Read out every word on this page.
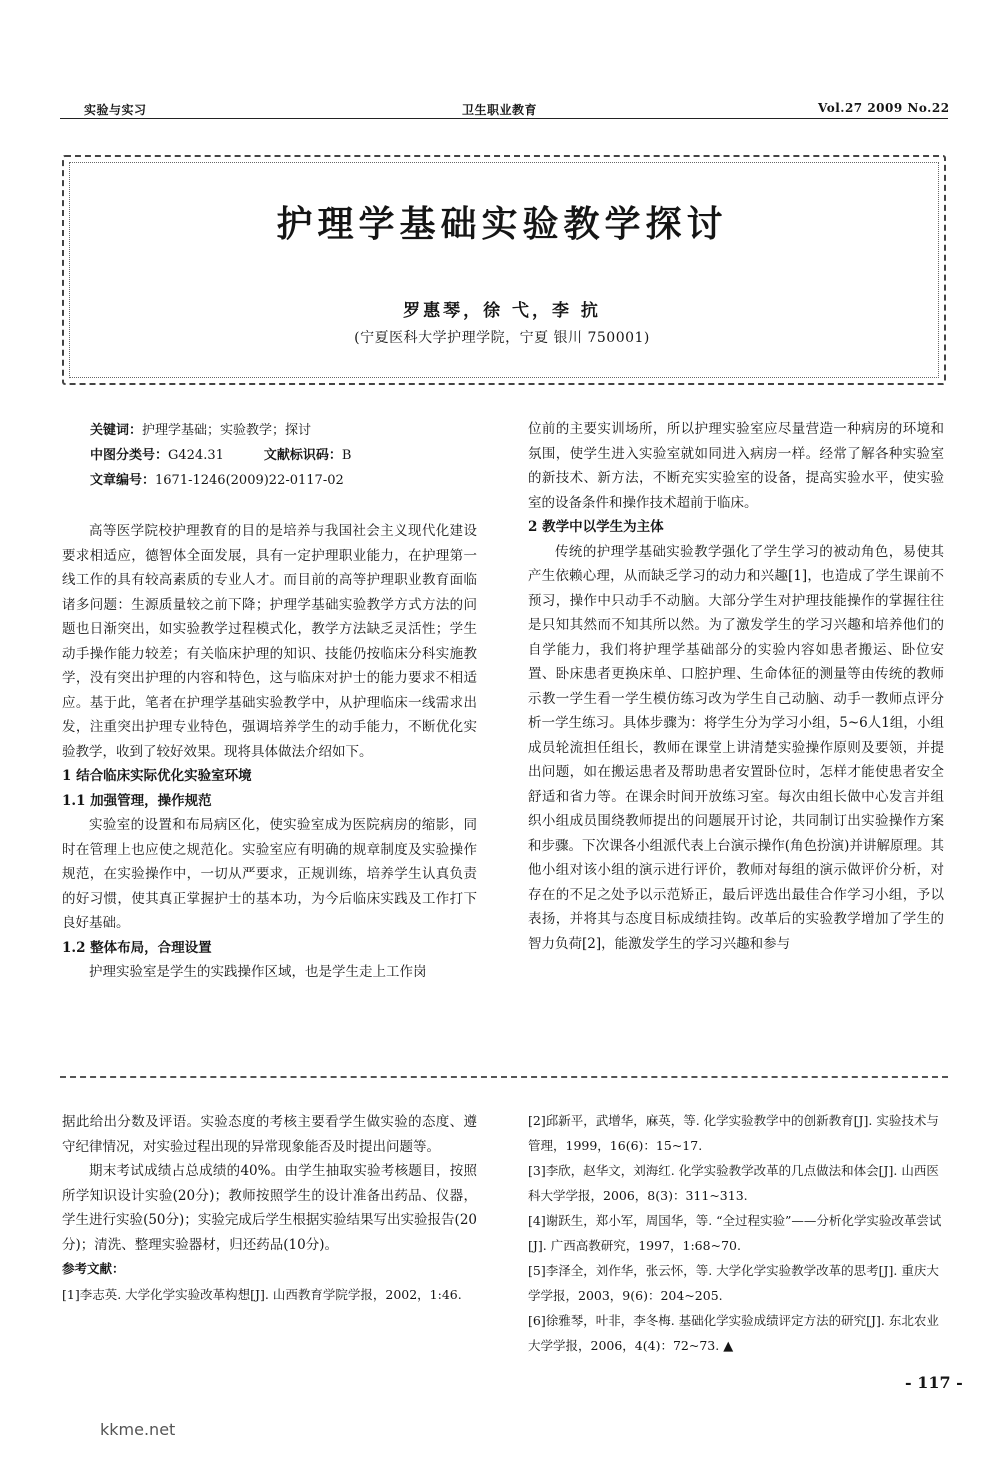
实验与实习	卫生职业教育	Vol.27 2009 No.22
护理学基础实验教学探讨
罗惠琴，徐 弋，李 抗
(宁夏医科大学护理学院，宁夏 银川 750001)
关键词：护理学基础；实验教学；探讨
中图分类号：G424.31	文献标识码：B
文章编号：1671-1246(2009)22-0117-02

高等医学院校护理教育的目的是培养与我国社会主义现代化建设要求相适应，德智体全面发展，具有一定护理职业能力，在护理第一线工作的具有较高素质的专业人才。而目前的高等护理职业教育面临诸多问题：生源质量较之前下降；护理学基础实验教学方式方法的问题也日渐突出，如实验教学过程模式化，教学方法缺乏灵活性；学生动手操作能力较差；有关临床护理的知识、技能仍按临床分科实施教学，没有突出护理的内容和特色，这与临床对护士的能力要求不相适应。基于此，笔者在护理学基础实验教学中，从护理临床一线需求出发，注重突出护理专业特色，强调培养学生的动手能力，不断优化实验教学，收到了较好效果。现将具体做法介绍如下。

1 结合临床实际优化实验室环境

1.1 加强管理，操作规范

实验室的设置和布局病区化，使实验室成为医院病房的缩影，同时在管理上也应使之规范化。实验室应有明确的规章制度及实验操作规范，在实验操作中，一切从严要求，正规训练，培养学生认真负责的好习惯，使其真正掌握护士的基本功，为今后临床实践及工作打下良好基础。

1.2 整体布局，合理设置

护理实验室是学生的实践操作区域，也是学生走上工作岗

位前的主要实训场所，所以护理实验室应尽量营造一种病房的环境和氛围，使学生进入实验室就如同进入病房一样。经常了解各种实验室的新技术、新方法，不断充实实验室的设备，提高实验水平，使实验室的设备条件和操作技术超前于临床。

2 教学中以学生为主体

传统的护理学基础实验教学强化了学生学习的被动角色，易使其产生依赖心理，从而缺乏学习的动力和兴趣[1]，也造成了学生课前不预习，操作中只动手不动脑。大部分学生对护理技能操作的掌握往往是只知其然而不知其所以然。为了激发学生的学习兴趣和培养他们的自学能力，我们将护理学基础部分的实验内容如患者搬运、卧位安置、卧床患者更换床单、口腔护理、生命体征的测量等由传统的教师示教一学生看一学生模仿练习改为学生自己动脑、动手一教师点评分析一学生练习。具体步骤为：将学生分为学习小组，5~6人1组，小组成员轮流担任组长，教师在课堂上讲清楚实验操作原则及要领，并提出问题，如在搬运患者及帮助患者安置卧位时，怎样才能使患者安全舒适和省力等。在课余时间开放练习室。每次由组长做中心发言并组织小组成员围绕教师提出的问题展开讨论，共同制订出实验操作方案和步骤。下次课各小组派代表上台演示操作(角色扮演)并讲解原理。其他小组对该小组的演示进行评价，教师对每组的演示做评价分析，对存在的不足之处予以示范矫正，最后评选出最佳合作学习小组，予以表扬，并将其与态度目标成绩挂钩。改革后的实验教学增加了学生的智力负荷[2]，能激发学生的学习兴趣和参与

据此给出分数及评语。实验态度的考核主要看学生做实验的态度、遵守纪律情况，对实验过程出现的异常现象能否及时提出问题等。

期末考试成绩占总成绩的40%。由学生抽取实验考核题目，按照所学知识设计实验(20分)；教师按照学生的设计准备出药品、仪器，学生进行实验(50分)；实验完成后学生根据实验结果写出实验报告(20分)；清洗、整理实验器材，归还药品(10分)。

参考文献：

[1]李志英. 大学化学实验改革构想[J]. 山西教育学院学报，2002，1:46.

[2]邱新平，武增华，麻英，等. 化学实验教学中的创新教育[J]. 实验技术与管理，1999，16(6)：15~17.

[3]李欣，赵华文，刘海红. 化学实验教学改革的几点做法和体会[J]. 山西医科大学学报，2006，8(3)：311~313.

[4]谢跃生，郑小军，周国华，等. “全过程实验”——分析化学实验改革尝试[J]. 广西高教研究，1997，1:68~70.

[5]李泽全，刘作华，张云怀，等. 大学化学实验教学改革的思考[J]. 重庆大学学报，2003，9(6)：204~205.

[6]徐雅琴，叶非，李冬梅. 基础化学实验成绩评定方法的研究[J]. 东北农业大学学报，2006，4(4)：72~73. ▲

- 117 -
kkme.net
